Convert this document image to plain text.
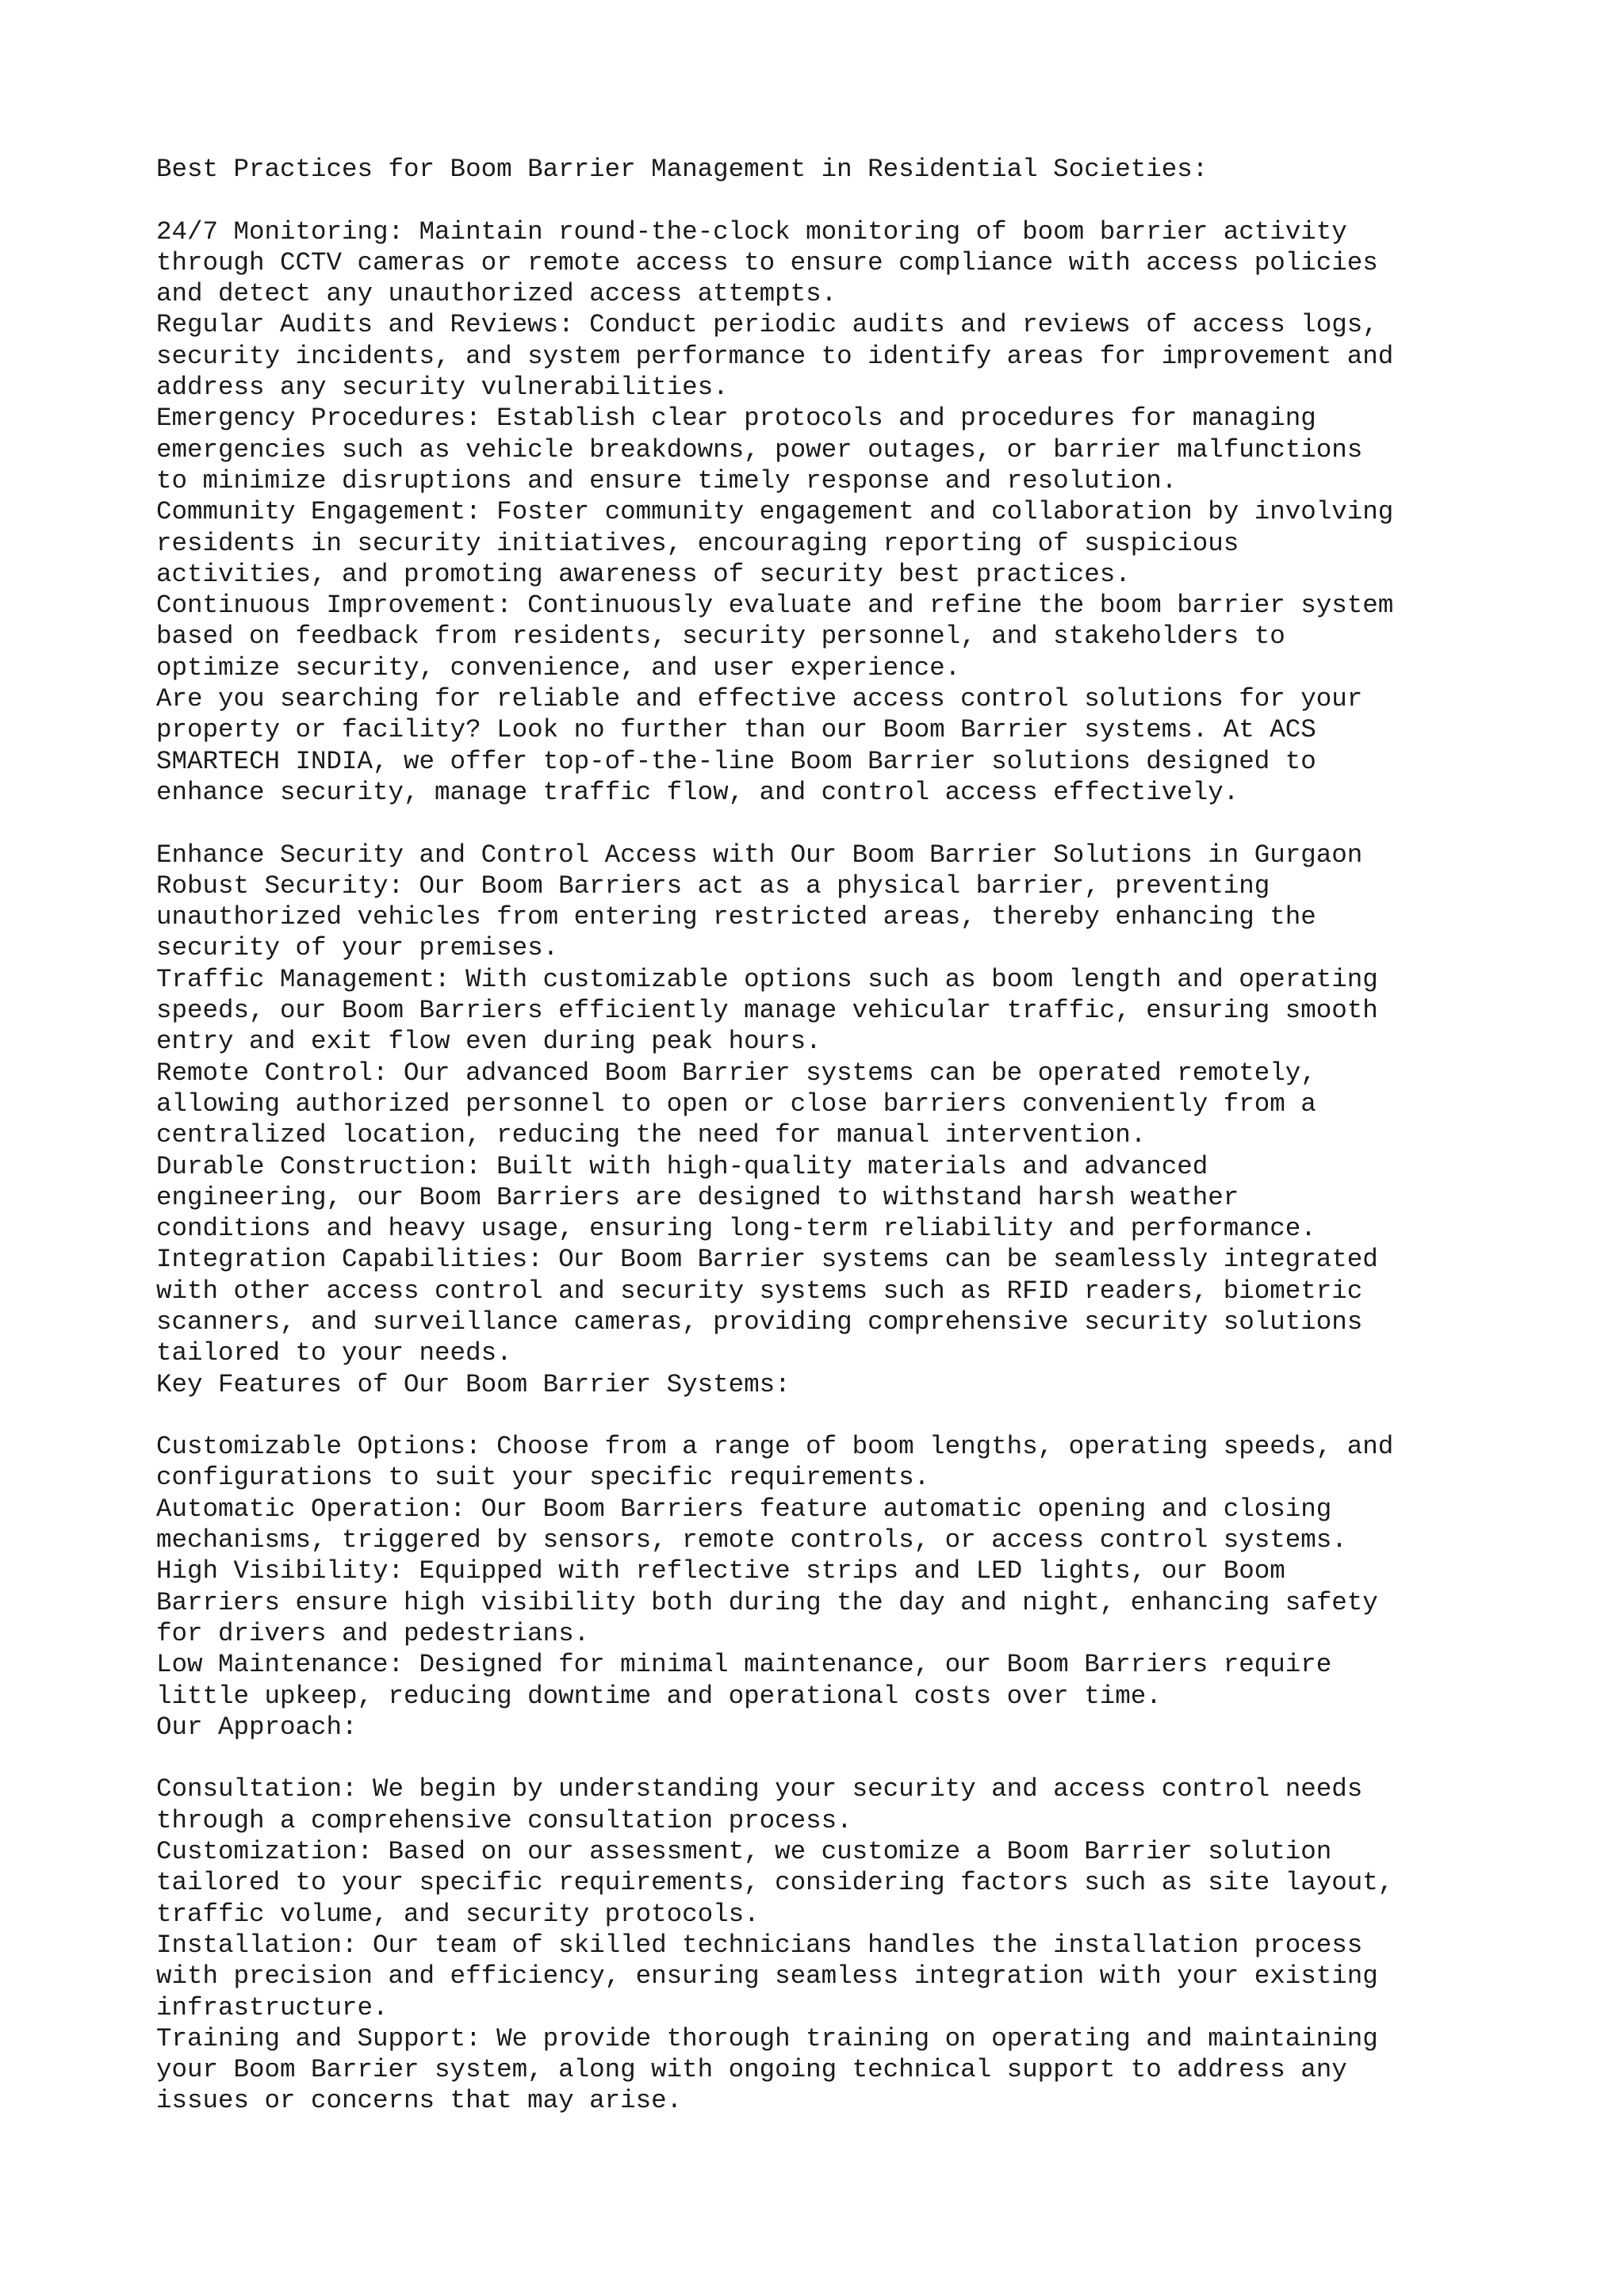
Best Practices for Boom Barrier Management in Residential Societies:
24/7 Monitoring: Maintain round-the-clock monitoring of boom barrier activity
through CCTV cameras or remote access to ensure compliance with access policies
and detect any unauthorized access attempts.
Regular Audits and Reviews: Conduct periodic audits and reviews of access logs,
security incidents, and system performance to identify areas for improvement and
address any security vulnerabilities.
Emergency Procedures: Establish clear protocols and procedures for managing
emergencies such as vehicle breakdowns, power outages, or barrier malfunctions
to minimize disruptions and ensure timely response and resolution.
Community Engagement: Foster community engagement and collaboration by involving
residents in security initiatives, encouraging reporting of suspicious
activities, and promoting awareness of security best practices.
Continuous Improvement: Continuously evaluate and refine the boom barrier system
based on feedback from residents, security personnel, and stakeholders to
optimize security, convenience, and user experience.
Are you searching for reliable and effective access control solutions for your
property or facility? Look no further than our Boom Barrier systems. At ACS
SMARTECH INDIA, we offer top-of-the-line Boom Barrier solutions designed to
enhance security, manage traffic flow, and control access effectively.
Enhance Security and Control Access with Our Boom Barrier Solutions in Gurgaon
Robust Security: Our Boom Barriers act as a physical barrier, preventing
unauthorized vehicles from entering restricted areas, thereby enhancing the
security of your premises.
Traffic Management: With customizable options such as boom length and operating
speeds, our Boom Barriers efficiently manage vehicular traffic, ensuring smooth
entry and exit flow even during peak hours.
Remote Control: Our advanced Boom Barrier systems can be operated remotely,
allowing authorized personnel to open or close barriers conveniently from a
centralized location, reducing the need for manual intervention.
Durable Construction: Built with high-quality materials and advanced
engineering, our Boom Barriers are designed to withstand harsh weather
conditions and heavy usage, ensuring long-term reliability and performance.
Integration Capabilities: Our Boom Barrier systems can be seamlessly integrated
with other access control and security systems such as RFID readers, biometric
scanners, and surveillance cameras, providing comprehensive security solutions
tailored to your needs.
Key Features of Our Boom Barrier Systems:
Customizable Options: Choose from a range of boom lengths, operating speeds, and
configurations to suit your specific requirements.
Automatic Operation: Our Boom Barriers feature automatic opening and closing
mechanisms, triggered by sensors, remote controls, or access control systems.
High Visibility: Equipped with reflective strips and LED lights, our Boom
Barriers ensure high visibility both during the day and night, enhancing safety
for drivers and pedestrians.
Low Maintenance: Designed for minimal maintenance, our Boom Barriers require
little upkeep, reducing downtime and operational costs over time.
Our Approach:
Consultation: We begin by understanding your security and access control needs
through a comprehensive consultation process.
Customization: Based on our assessment, we customize a Boom Barrier solution
tailored to your specific requirements, considering factors such as site layout,
traffic volume, and security protocols.
Installation: Our team of skilled technicians handles the installation process
with precision and efficiency, ensuring seamless integration with your existing
infrastructure.
Training and Support: We provide thorough training on operating and maintaining
your Boom Barrier system, along with ongoing technical support to address any
issues or concerns that may arise.
